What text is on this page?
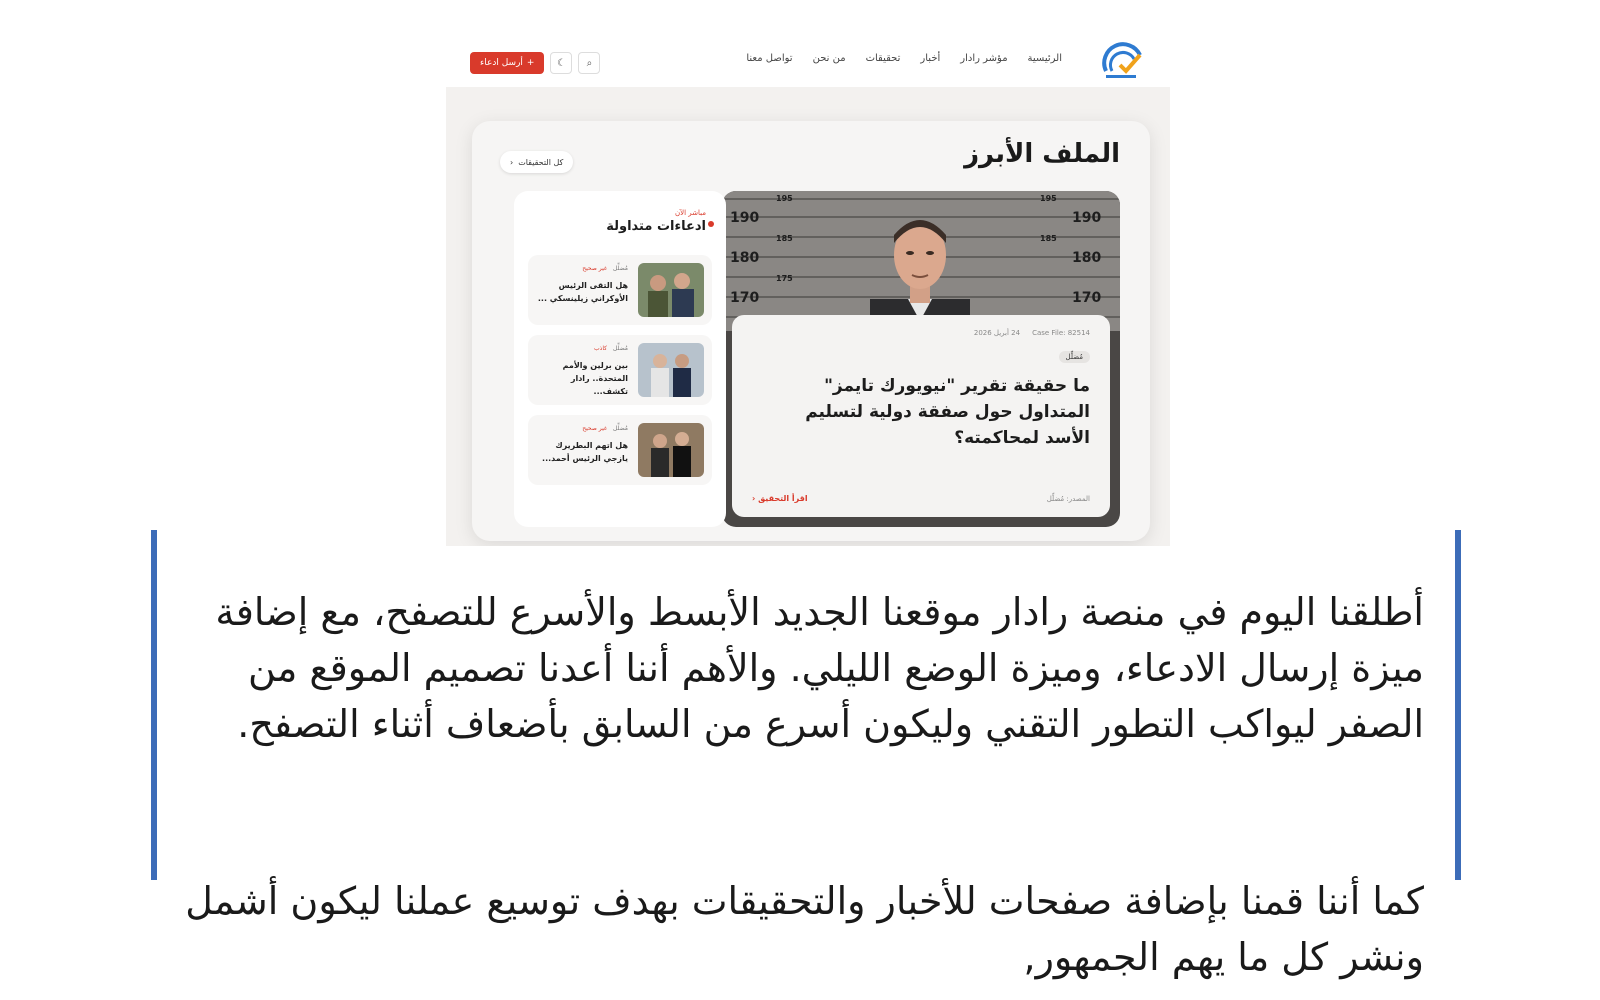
الرئيسية
مؤشر رادار
أخبار
تحقيقات
من نحن
تواصل معنا
+
أرسل ادعاء	☾ ⌕
الملف الأبرز
كل التحقيقات
‹
190
180
170
190
180
170
195
185
175
195
185
Case File: 82514
24 أبريل 2026
مُضلِّل
ما حقيقة تقرير "نيويورك تايمز" المتداول حول صفقة دولية لتسليم الأسد لمحاكمته؟
المصدر: مُضلِّل
اقرأ التحقيق ‹
مباشر الآن
ادعاءات متداولة
مُضلِّل
غير صحيح
هل التقى الرئيس الأوكراني زيلينسكي ...
مُضلِّل
كاذب
بين برلين والأمم المتحدة.. رادار تكشف...
مُضلِّل
غير صحيح
هل اتهم البطريرك يازجي الرئيس أحمد...
أطلقنا اليوم في منصة رادار موقعنا الجديد الأبسط والأسرع للتصفح، مع إضافة ميزة إرسال الادعاء، وميزة الوضع الليلي. والأهم أننا أعدنا تصميم الموقع من الصفر ليواكب التطور التقني وليكون أسرع من السابق بأضعاف أثناء التصفح.
كما أننا قمنا بإضافة صفحات للأخبار والتحقيقات بهدف توسيع عملنا ليكون أشمل ونشر كل ما يهم الجمهور,
